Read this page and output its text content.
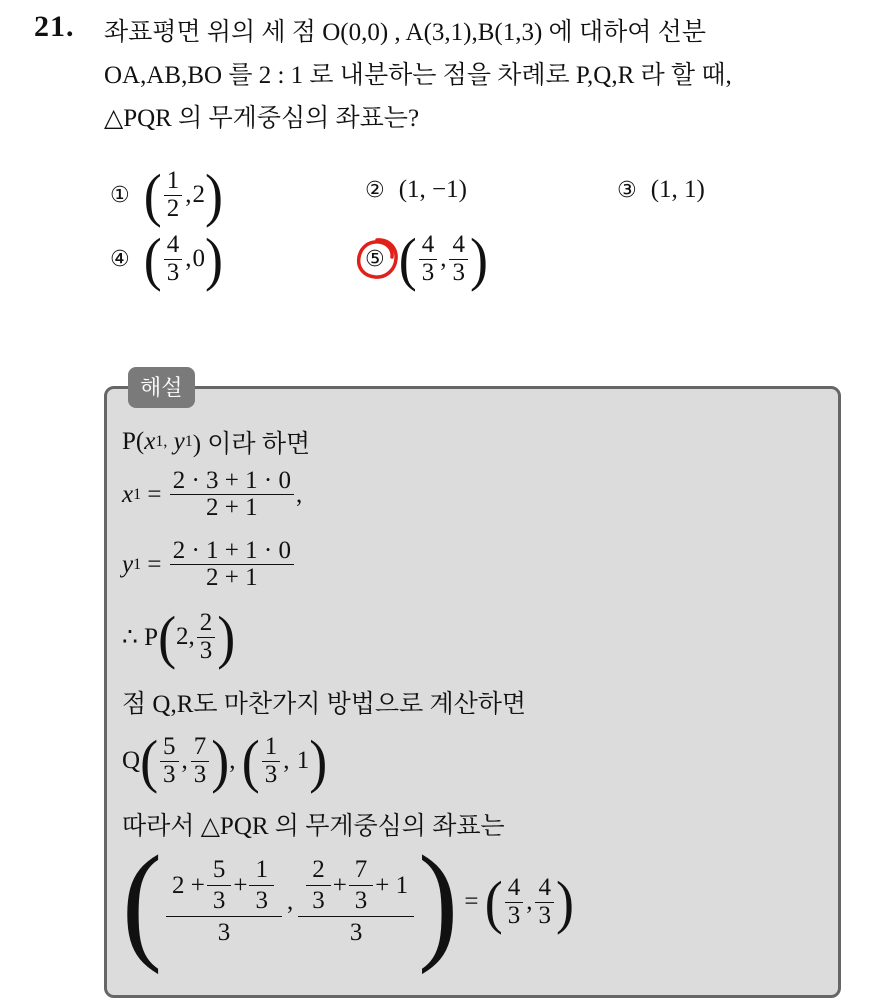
21. 좌표평면 위의 세 점 O(0,0) , A(3,1),B(1,3) 에 대하여 선분
OA,AB,BO 를 2 : 1 로 내분하는 점을 차례로 P,Q,R 라 할 때,
△PQR 의 무게중심의 좌표는?
① ( $\frac{1}{2}$ , 2 )	② (1, −1)	③ (1, 1)
④ ( $\frac{4}{3}$ , 0 )	⑤ ( $\frac{4}{3}$ , $\frac{4}{3}$ )
해설
P( x 1,
y 1 ) 이라 하면
x $1 = \frac{2 \cdot 3 + 1 \cdot 0}{2 + 1}$ ,
y $1 = \frac{2 \cdot 1 + 1 \cdot 0}{2 + 1}$
∴ P ( 2, $\frac{2}{3}$ )
점 Q,R도 마찬가지 방법으로 계산하면
Q ( $\frac{5}{3}$ , $\frac{7}{3}$ ) , ( $\frac{1}{3}$ ,
1 )
따라서 △PQR 의 무게중심의 좌표는
( $\frac{2 + \frac{5}{3} + \frac{1}{3}}{3}$ , $\frac{\frac{2}{3} + \frac{7}{3} + 1}{3}$ )
=
( $\frac{4}{3}$ , $\frac{4}{3}$ )
